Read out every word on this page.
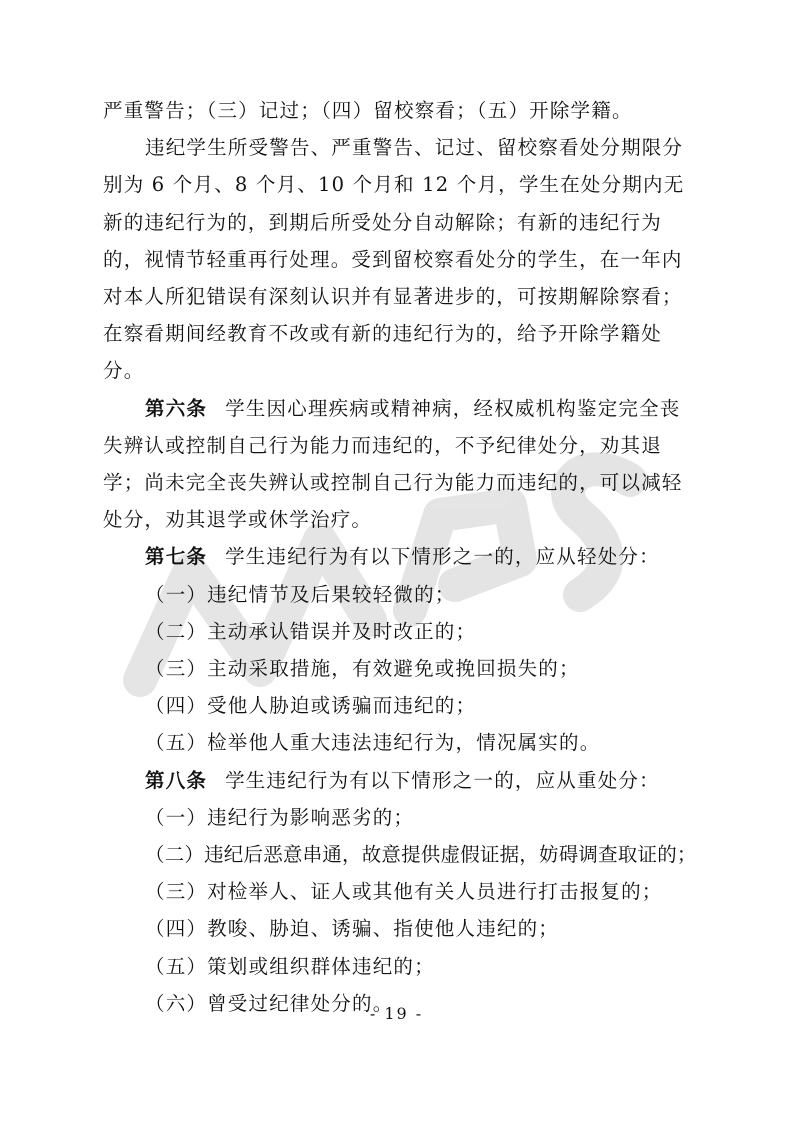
严重警告；（三）记过；（四）留校察看；（五）开除学籍。

违纪学生所受警告、严重警告、记过、留校察看处分期限分别为 6 个月、8 个月、10 个月和 12 个月，学生在处分期内无新的违纪行为的，到期后所受处分自动解除；有新的违纪行为的，视情节轻重再行处理。受到留校察看处分的学生，在一年内对本人所犯错误有深刻认识并有显著进步的，可按期解除察看；在察看期间经教育不改或有新的违纪行为的，给予开除学籍处分。

第六条 学生因心理疾病或精神病，经权威机构鉴定完全丧失辨认或控制自己行为能力而违纪的，不予纪律处分，劝其退学；尚未完全丧失辨认或控制自己行为能力而违纪的，可以减轻处分，劝其退学或休学治疗。

第七条 学生违纪行为有以下情形之一的，应从轻处分：

（一）违纪情节及后果较轻微的；

（二）主动承认错误并及时改正的；

（三）主动采取措施，有效避免或挽回损失的；

（四）受他人胁迫或诱骗而违纪的；

（五）检举他人重大违法违纪行为，情况属实的。

第八条 学生违纪行为有以下情形之一的，应从重处分：

（一）违纪行为影响恶劣的；

（二）违纪后恶意串通，故意提供虚假证据，妨碍调查取证的；

（三）对检举人、证人或其他有关人员进行打击报复的；

（四）教唆、胁迫、诱骗、指使他人违纪的；

（五）策划或组织群体违纪的；

（六）曾受过纪律处分的。

- 19 -
